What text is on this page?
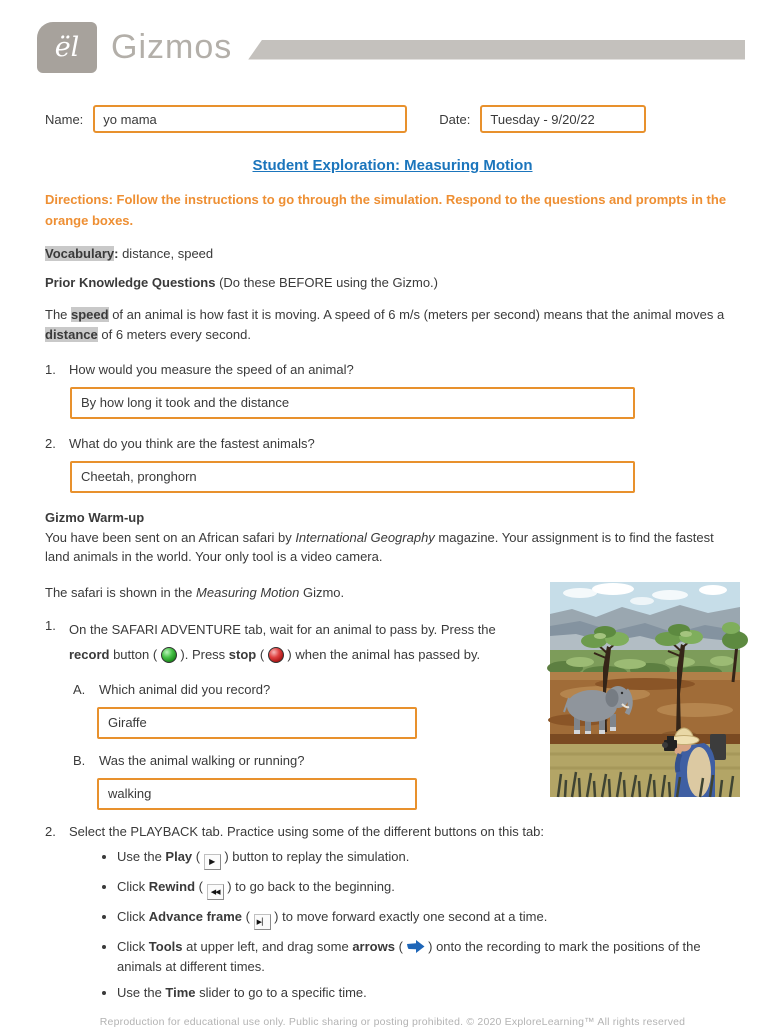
ël Gizmos
Name: yo mama	Date: Tuesday - 9/20/22
Student Exploration: Measuring Motion
Directions: Follow the instructions to go through the simulation. Respond to the questions and prompts in the orange boxes.
Vocabulary: distance, speed
Prior Knowledge Questions (Do these BEFORE using the Gizmo.)
The speed of an animal is how fast it is moving. A speed of 6 m/s (meters per second) means that the animal moves a distance of 6 meters every second.
1.	How would you measure the speed of an animal?
By how long it took and the distance
2.	What do you think are the fastest animals?
Cheetah, pronghorn
Gizmo Warm-up
You have been sent on an African safari by International Geography magazine. Your assignment is to find the fastest land animals in the world. Your only tool is a video camera.
The safari is shown in the Measuring Motion Gizmo.
1.	On the SAFARI ADVENTURE tab, wait for an animal to pass by. Press the record button (  ). Press stop (  ) when the animal has passed by.
A.	Which animal did you record?
Giraffe
B.	Was the animal walking or running?
walking
2.	Select the PLAYBACK tab. Practice using some of the different buttons on this tab:
• Use the Play ( ▶ ) button to replay the simulation.
• Click Rewind ( ◀◀ ) to go back to the beginning.
• Click Advance frame ( ▶▏ ) to move forward exactly one second at a time.
• Click Tools at upper left, and drag some arrows (  ) onto the recording to mark the positions of the animals at different times.
• Use the Time slider to go to a specific time.
Reproduction for educational use only. Public sharing or posting prohibited. © 2020 ExploreLearning™ All rights reserved
